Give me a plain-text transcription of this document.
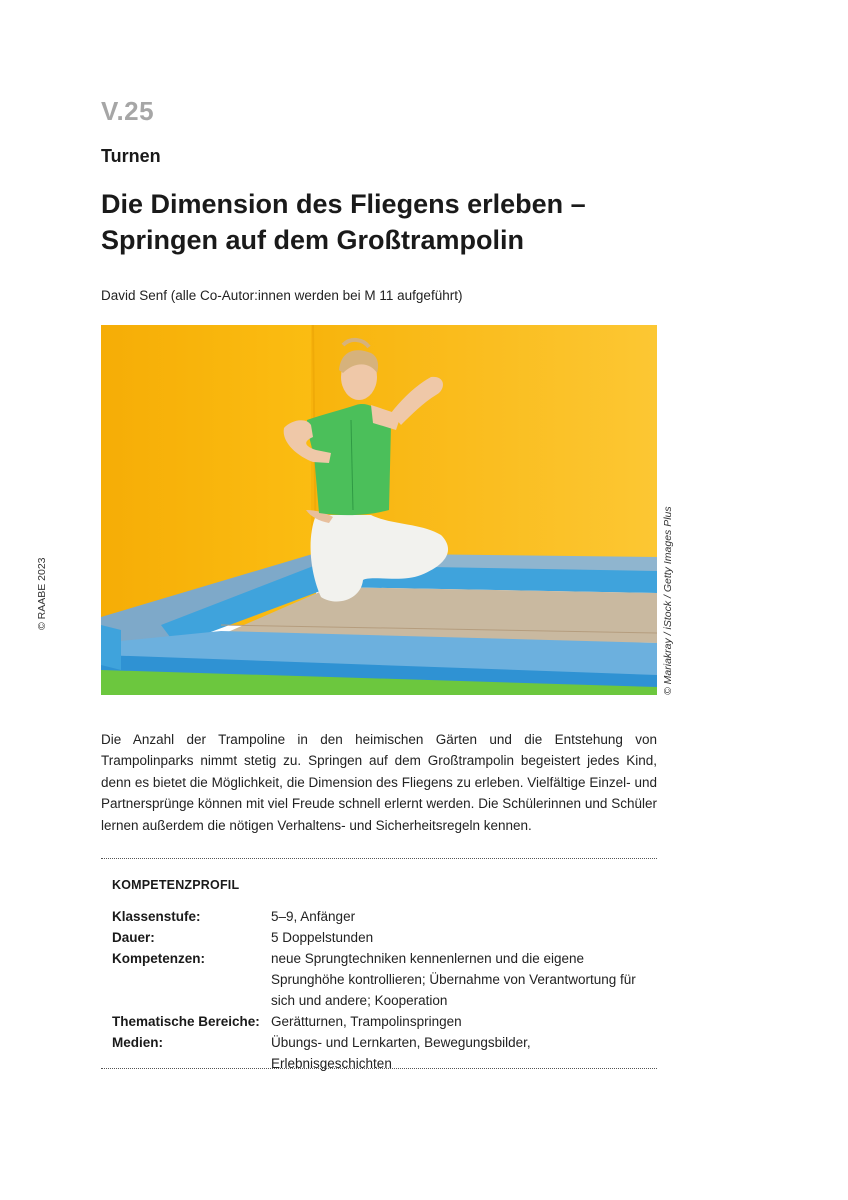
V.25
Turnen
Die Dimension des Fliegens erleben – Springen auf dem Großtrampolin
David Senf (alle Co-Autor:innen werden bei M 11 aufgeführt)
© Mariakray / iStock / Getty Images Plus
© RAABE 2023

Die Anzahl der Trampoline in den heimischen Gärten und die Entstehung von Trampolinparks nimmt stetig zu. Springen auf dem Großtrampolin begeistert jedes Kind, denn es bietet die Möglichkeit, die Dimension des Fliegens zu erleben. Vielfältige Einzel- und Partnersprünge können mit viel Freude schnell erlernt werden. Die Schülerinnen und Schüler lernen außerdem die nötigen Verhaltens- und Sicherheitsregeln kennen.

KOMPETENZPROFIL
Klassenstufe:	5–9, Anfänger
Dauer:	5 Doppelstunden
Kompetenzen:	neue Sprungtechniken kennenlernen und die eigene Sprunghöhe kontrollieren; Übernahme von Verantwortung für sich und andere; Kooperation
Thematische Bereiche:	Gerätturnen, Trampolinspringen
Medien:	Übungs- und Lernkarten, Bewegungsbilder, Erlebnisgeschichten
